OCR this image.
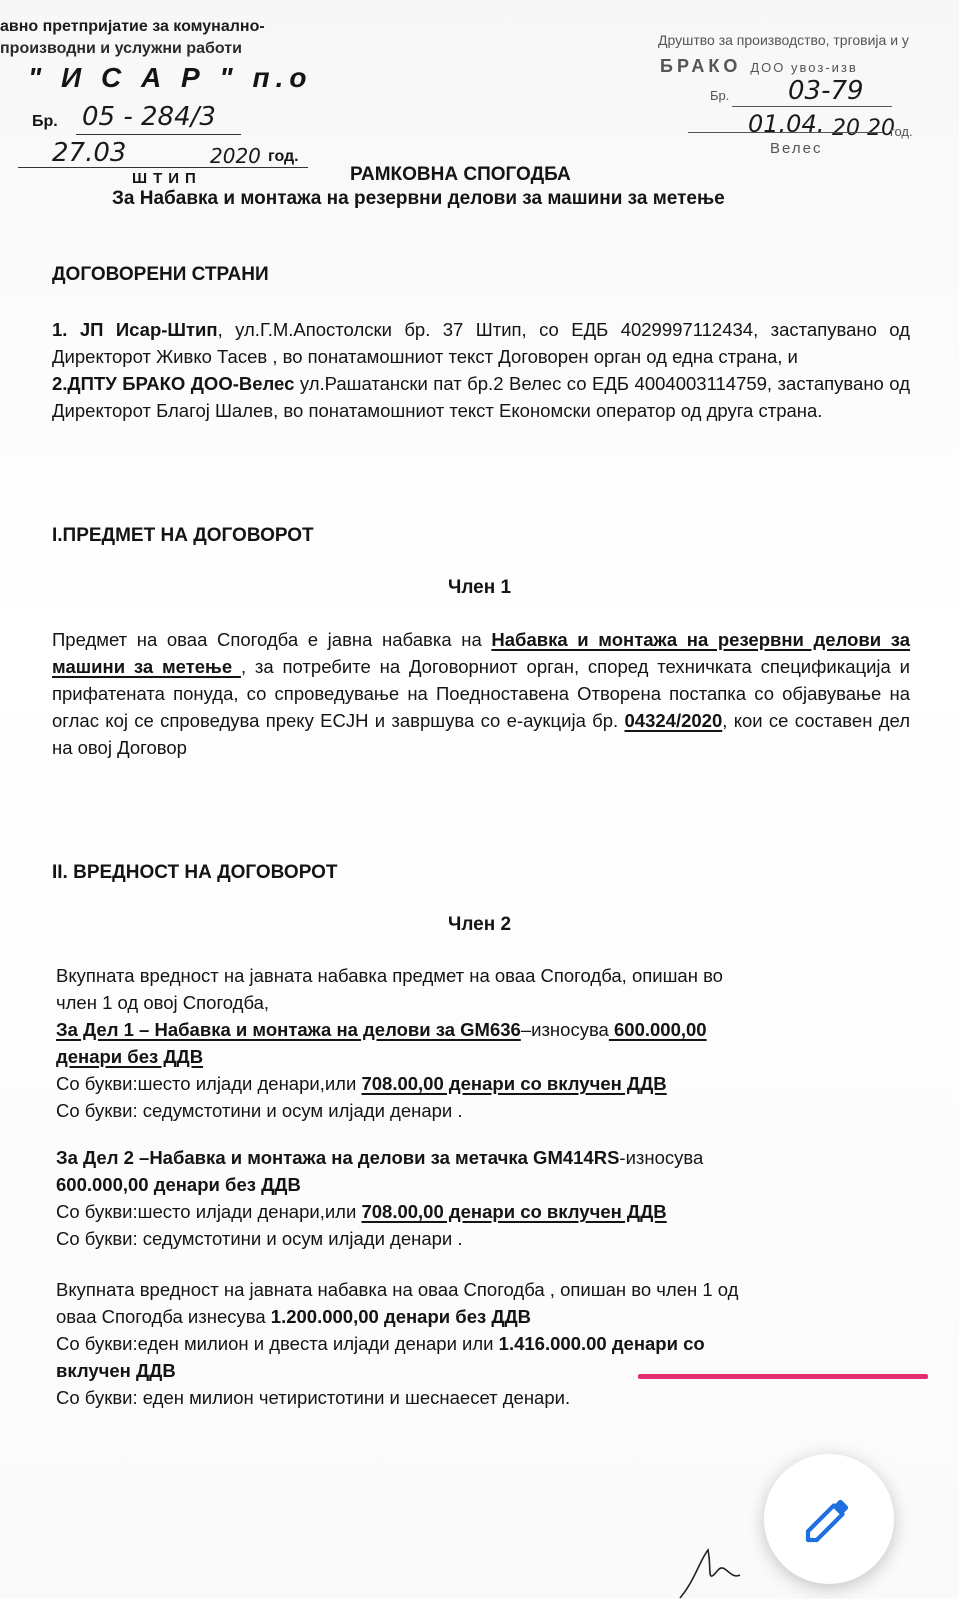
авно претпријатие за комунално-
производни и услужни работи
" И С А Р " п.о
Бр. 05 - 284/3
27.03	2020 год.
ШТИП
Друштво за производство, трговија и у
БРАКО ДОО увоз-изв
Бр. 03-79
01.04. 20 20
год.
Велес
РАМКОВНА СПОГОДБА
За Набавка и монтажа на резервни делови за машини за метење
ДОГОВОРЕНИ СТРАНИ
1. ЈП Исар-Штип, ул.Г.М.Апостолски бр. 37 Штип, со ЕДБ 4029997112434, застапувано од Директорот Живко Тасев , во понатамошниот текст Договорен орган од една страна, и
2.ДПТУ БРАКО ДОО-Велес ул.Рашатански пат бр.2 Велес со ЕДБ 4004003114759, застапувано од Директорот Благој Шалев, во понатамошниот текст Економски оператор од друга страна.
I.ПРЕДМЕТ НА ДОГОВОРОТ
Член 1
Предмет на оваа Спогодба е јавна набавка на Набавка и монтажа на резервни делови за машини за метење , за потребите на Договорниот орган, според техничката спецификација и прифатената понуда, со спроведување на Поедноставена Отворена постапка со објавување на оглас кој се спроведува преку ЕСЈН и завршува со е-аукција бр. 04324/2020, кои се составен дел на овој Договор
II. ВРЕДНОСТ НА ДОГОВОРОТ
Член 2
Вкупната вредност на јавната набавка предмет на оваа Спогодба, опишан во
член 1 од овој Спогодба,
За Дел 1 – Набавка и монтажа на делови за GM636–износува 600.000,00
денари без ДДВ
Со букви:шесто илјади денари,или 708.00,00 денари со вклучен ДДВ
Со букви: седумстотини и осум илјади денари .
За Дел 2 –Набавка и монтажа на делови за метачка GM414RS-износува
600.000,00 денари без ДДВ
Со букви:шесто илјади денари,или 708.00,00 денари со вклучен ДДВ
Со букви: седумстотини и осум илјади денари .
Вкупната вредност на јавната набавка на оваа Спогодба , опишан во член 1 од
оваа Спогодба изнесува 1.200.000,00 денари без ДДВ
Со букви:еден милион и двеста илјади денари или 1.416.000.00 денари со
вклучен ДДВ
Со букви: еден милион четиристотини и шеснаесет денари.
